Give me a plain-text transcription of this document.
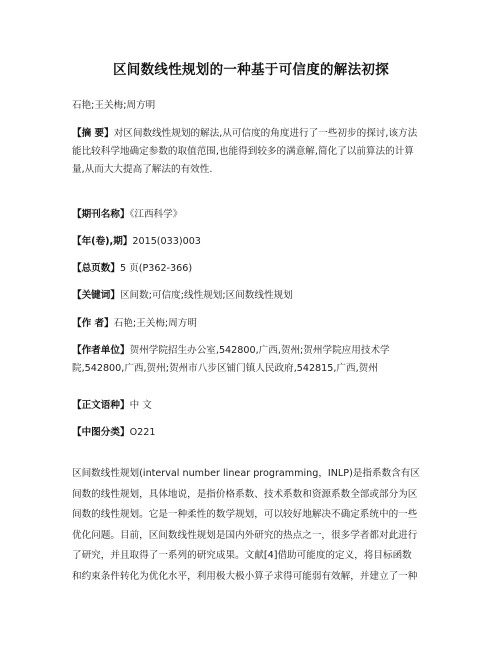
区间数线性规划的一种基于可信度的解法初探
石艳;王关梅;周方明
【摘 要】对区间数线性规划的解法,从可信度的角度进行了一些初步的探讨,该方法
能比较科学地确定参数的取值范围,也能得到较多的满意解,简化了以前算法的计算
量,从而大大提高了解法的有效性.
【期刊名称】《江西科学》
【年(卷),期】2015(033)003
【总页数】5 页(P362-366)
【关键词】区间数;可信度;线性规划;区间数线性规划
【作 者】石艳;王关梅;周方明
【作者单位】贺州学院招生办公室,542800,广西,贺州;贺州学院应用技术学
院,542800,广西,贺州;贺州市八步区铺门镇人民政府,542815,广西,贺州
【正文语种】中 文
【中图分类】O221
区间数线性规划(interval number linear programming，INLP)是指系数含有区
间数的线性规划，具体地说，是指价格系数、技术系数和资源系数全部或部分为区
间数的线性规划。它是一种柔性的数学规划，可以较好地解决不确定系统中的一些
优化问题。目前，区间数线性规划是国内外研究的热点之一，很多学者都对此进行
了研究，并且取得了一系列的研究成果。文献[4]借助可能度的定义，将目标函数
和约束条件转化为优化水平，利用极大极小算子求得可能弱有效解，并建立了一种
